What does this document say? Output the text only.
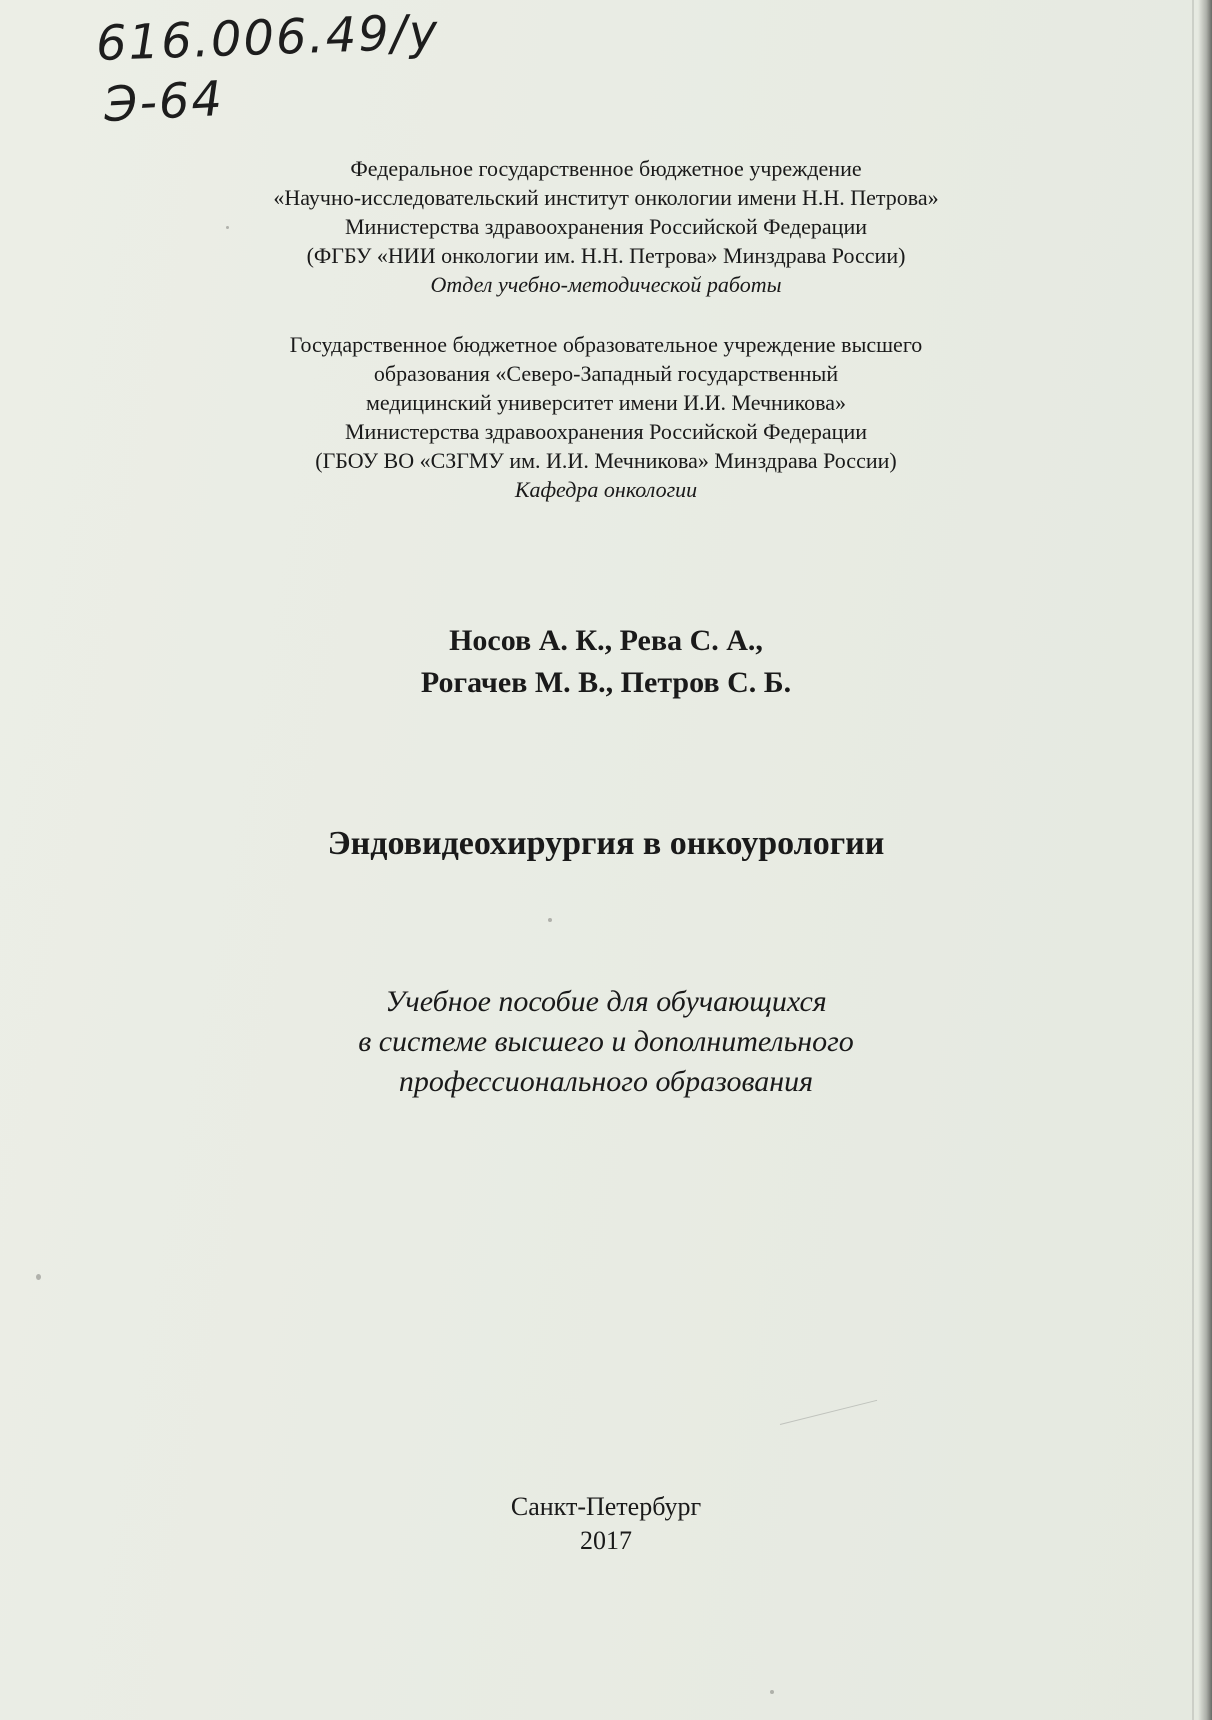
616.006.49/у
Э-64

Федеральное государственное бюджетное учреждение

«Научно-исследовательский институт онкологии имени Н.Н. Петрова»

Министерства здравоохранения Российской Федерации

(ФГБУ «НИИ онкологии им. Н.Н. Петрова» Минздрава России)

Отдел учебно-методической работы

Государственное бюджетное образовательное учреждение высшего

образования «Северо-Западный государственный

медицинский университет имени И.И. Мечникова»

Министерства здравоохранения Российской Федерации

(ГБОУ ВО «СЗГМУ им. И.И. Мечникова» Минздрава России)

Кафедра онкологии

Носов А. К., Рева С. А.,
Рогачев М. В., Петров С. Б.
Эндовидеохирургия в онкоурологии
Учебное пособие для обучающихся
в системе высшего и дополнительного
профессионального образования
Санкт-Петербург
2017
